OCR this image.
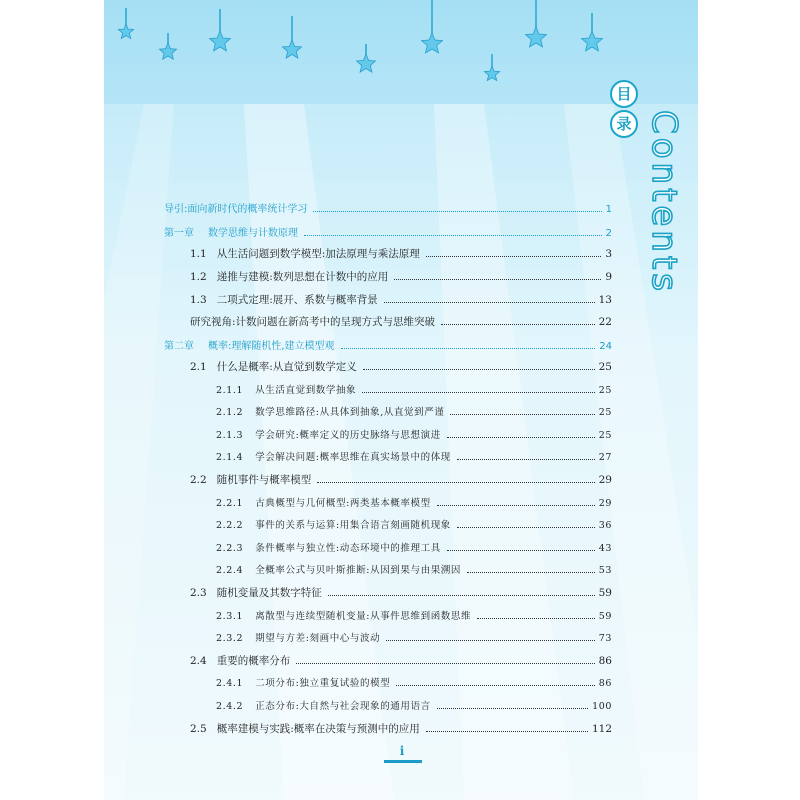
目
录 Contents
导引:面向新时代的概率统计学习	1
第一章 数学思维与计数原理	2
1.1 从生活问题到数学模型:加法原理与乘法原理	3
1.2 递推与建模:数列思想在计数中的应用	9
1.3 二项式定理:展开、系数与概率背景	13
研究视角:计数问题在新高考中的呈现方式与思维突破	22
第二章 概率:理解随机性,建立模型观	24
2.1 什么是概率:从直觉到数学定义	25
2.1.1 从生活直觉到数学抽象	25
2.1.2 数学思维路径:从具体到抽象,从直觉到严谨	25
2.1.3 学会研究:概率定义的历史脉络与思想演进	25
2.1.4 学会解决问题:概率思维在真实场景中的体现	27
2.2 随机事件与概率模型	29
2.2.1 古典概型与几何概型:两类基本概率模型	29
2.2.2 事件的关系与运算:用集合语言刻画随机现象	36
2.2.3 条件概率与独立性:动态环境中的推理工具	43
2.2.4 全概率公式与贝叶斯推断:从因到果与由果溯因	53
2.3 随机变量及其数字特征	59
2.3.1 离散型与连续型随机变量:从事件思维到函数思维	59
2.3.2 期望与方差:刻画中心与波动	73
2.4 重要的概率分布	86
2.4.1 二项分布:独立重复试验的模型	86
2.4.2 正态分布:大自然与社会现象的通用语言	100
2.5 概率建模与实践:概率在决策与预测中的应用	112
i
